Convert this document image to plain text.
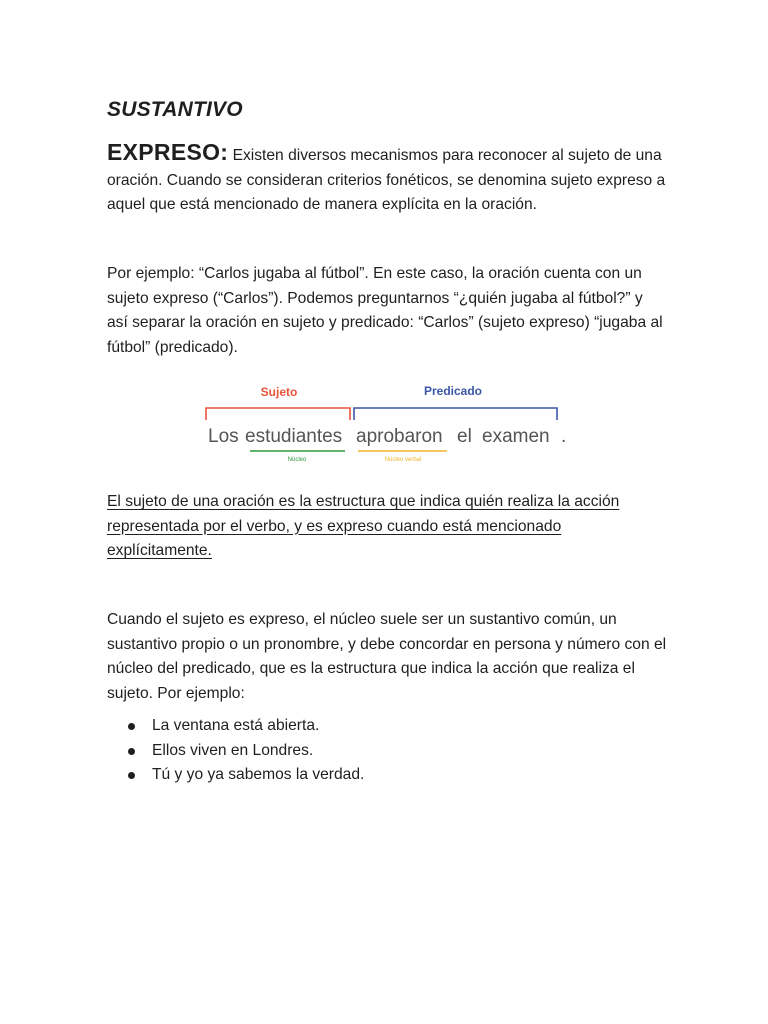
SUSTANTIVO

EXPRESO: Existen diversos mecanismos para reconocer al sujeto de una oración. Cuando se consideran criterios fonéticos, se denomina sujeto expreso a aquel que está mencionado de manera explícita en la oración.

Por ejemplo: “Carlos jugaba al fútbol”. En este caso, la oración cuenta con un sujeto expreso (“Carlos”). Podemos preguntarnos “¿quién jugaba al fútbol?” y así separar la oración en sujeto y predicado: “Carlos” (sujeto expreso) “jugaba al fútbol” (predicado).

El sujeto de una oración es la estructura que indica quién realiza la acción representada por el verbo, y es expreso cuando está mencionado explícitamente.

Cuando el sujeto es expreso, el núcleo suele ser un sustantivo común, un sustantivo propio o un pronombre, y debe concordar en persona y número con el núcleo del predicado, que es la estructura que indica la acción que realiza el sujeto. Por ejemplo:

La ventana está abierta.
Ellos viven en Londres.
Tú y yo ya sabemos la verdad.
Sujeto	Predicado
Los estudiantes aprobaron el examen .
Núcleo	Núcleo verbal
